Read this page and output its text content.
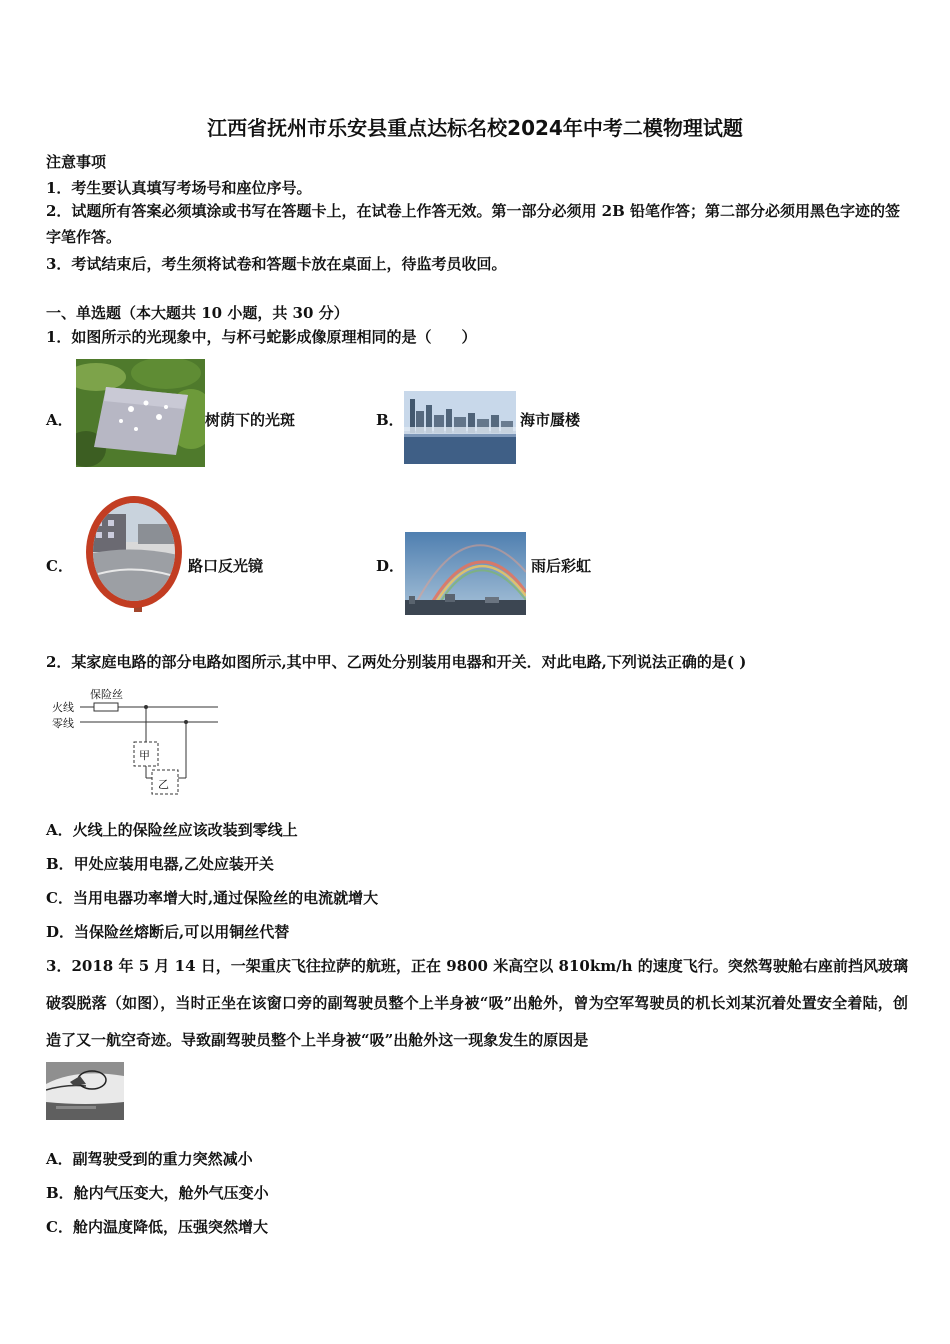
江西省抚州市乐安县重点达标名校2024年中考二模物理试题
注意事项
1．考生要认真填写考场号和座位序号。
2．试题所有答案必须填涂或书写在答题卡上，在试卷上作答无效。第一部分必须用 2B 铅笔作答；第二部分必须用黑色字迹的签字笔作答。
3．考试结束后，考生须将试卷和答题卡放在桌面上，待监考员收回。
一、单选题（本大题共 10 小题，共 30 分）
1．如图所示的光现象中，与杯弓蛇影成像原理相同的是（　　）
A．	树荫下的光斑	B．	海市蜃楼
C．	路口反光镜	D．	雨后彩虹
2．某家庭电路的部分电路如图所示,其中甲、乙两处分别装用电器和开关．对此电路,下列说法正确的是( )
保险丝
火线
零线
甲
乙
A．火线上的保险丝应该改装到零线上
B．甲处应装用电器,乙处应装开关
C．当用电器功率增大时,通过保险丝的电流就增大
D．当保险丝熔断后,可以用铜丝代替
3．2018 年 5 月 14 日，一架重庆飞往拉萨的航班，正在 9800 米高空以 810km/h 的速度飞行。突然驾驶舱右座前挡风玻璃破裂脱落（如图），当时正坐在该窗口旁的副驾驶员整个上半身被“吸”出舱外，曾为空军驾驶员的机长刘某沉着处置安全着陆，创造了又一航空奇迹。导致副驾驶员整个上半身被“吸”出舱外这一现象发生的原因是
A．副驾驶受到的重力突然减小
B．舱内气压变大，舱外气压变小
C．舱内温度降低，压强突然增大
